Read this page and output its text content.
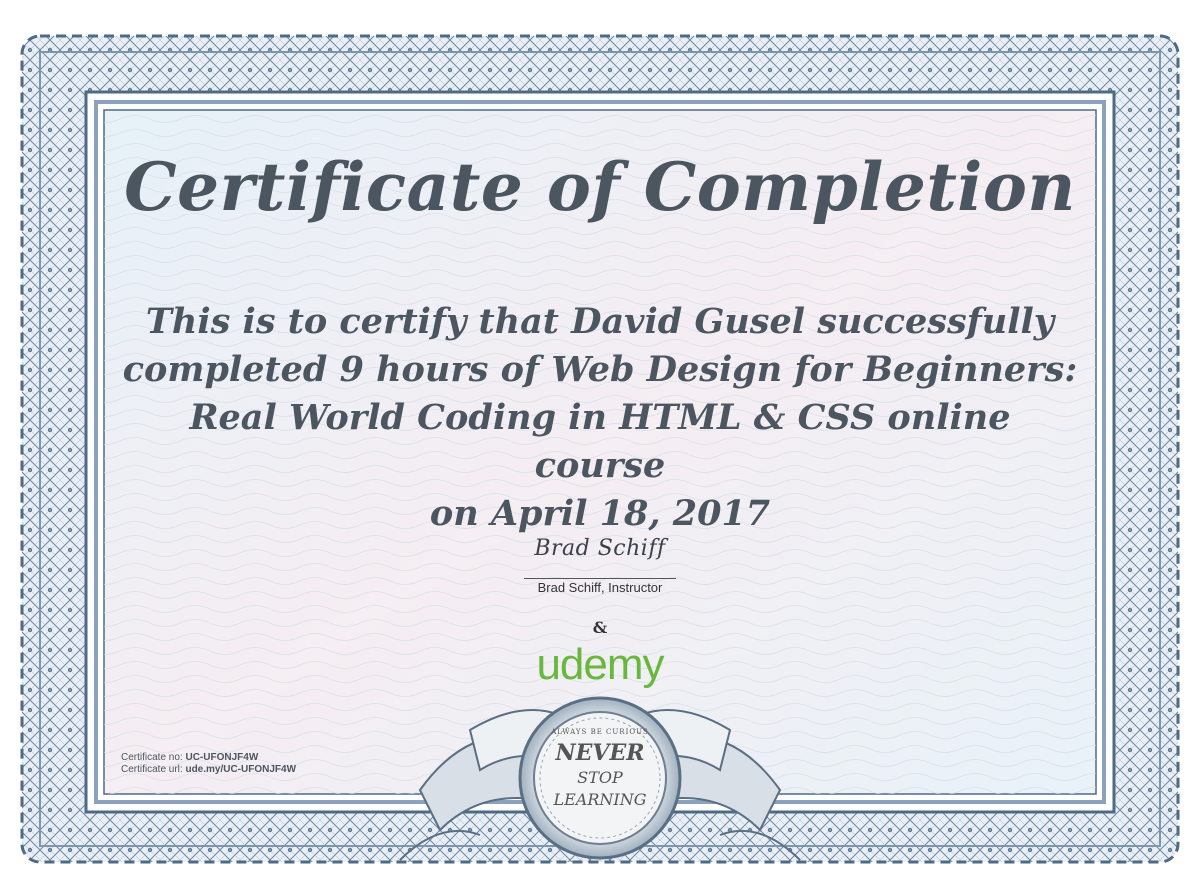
Certificate of Completion
This is to certify that David Gusel successfully
completed 9 hours of Web Design for Beginners:
Real World Coding in HTML & CSS online course
on April 18, 2017
Brad Schiff
Brad Schiff, Instructor
&
udemy
Certificate no: UC-UFONJF4W
Certificate url: ude.my/UC-UFONJF4W
ALWAYS BE CURIOUS
NEVER
STOP
LEARNING
